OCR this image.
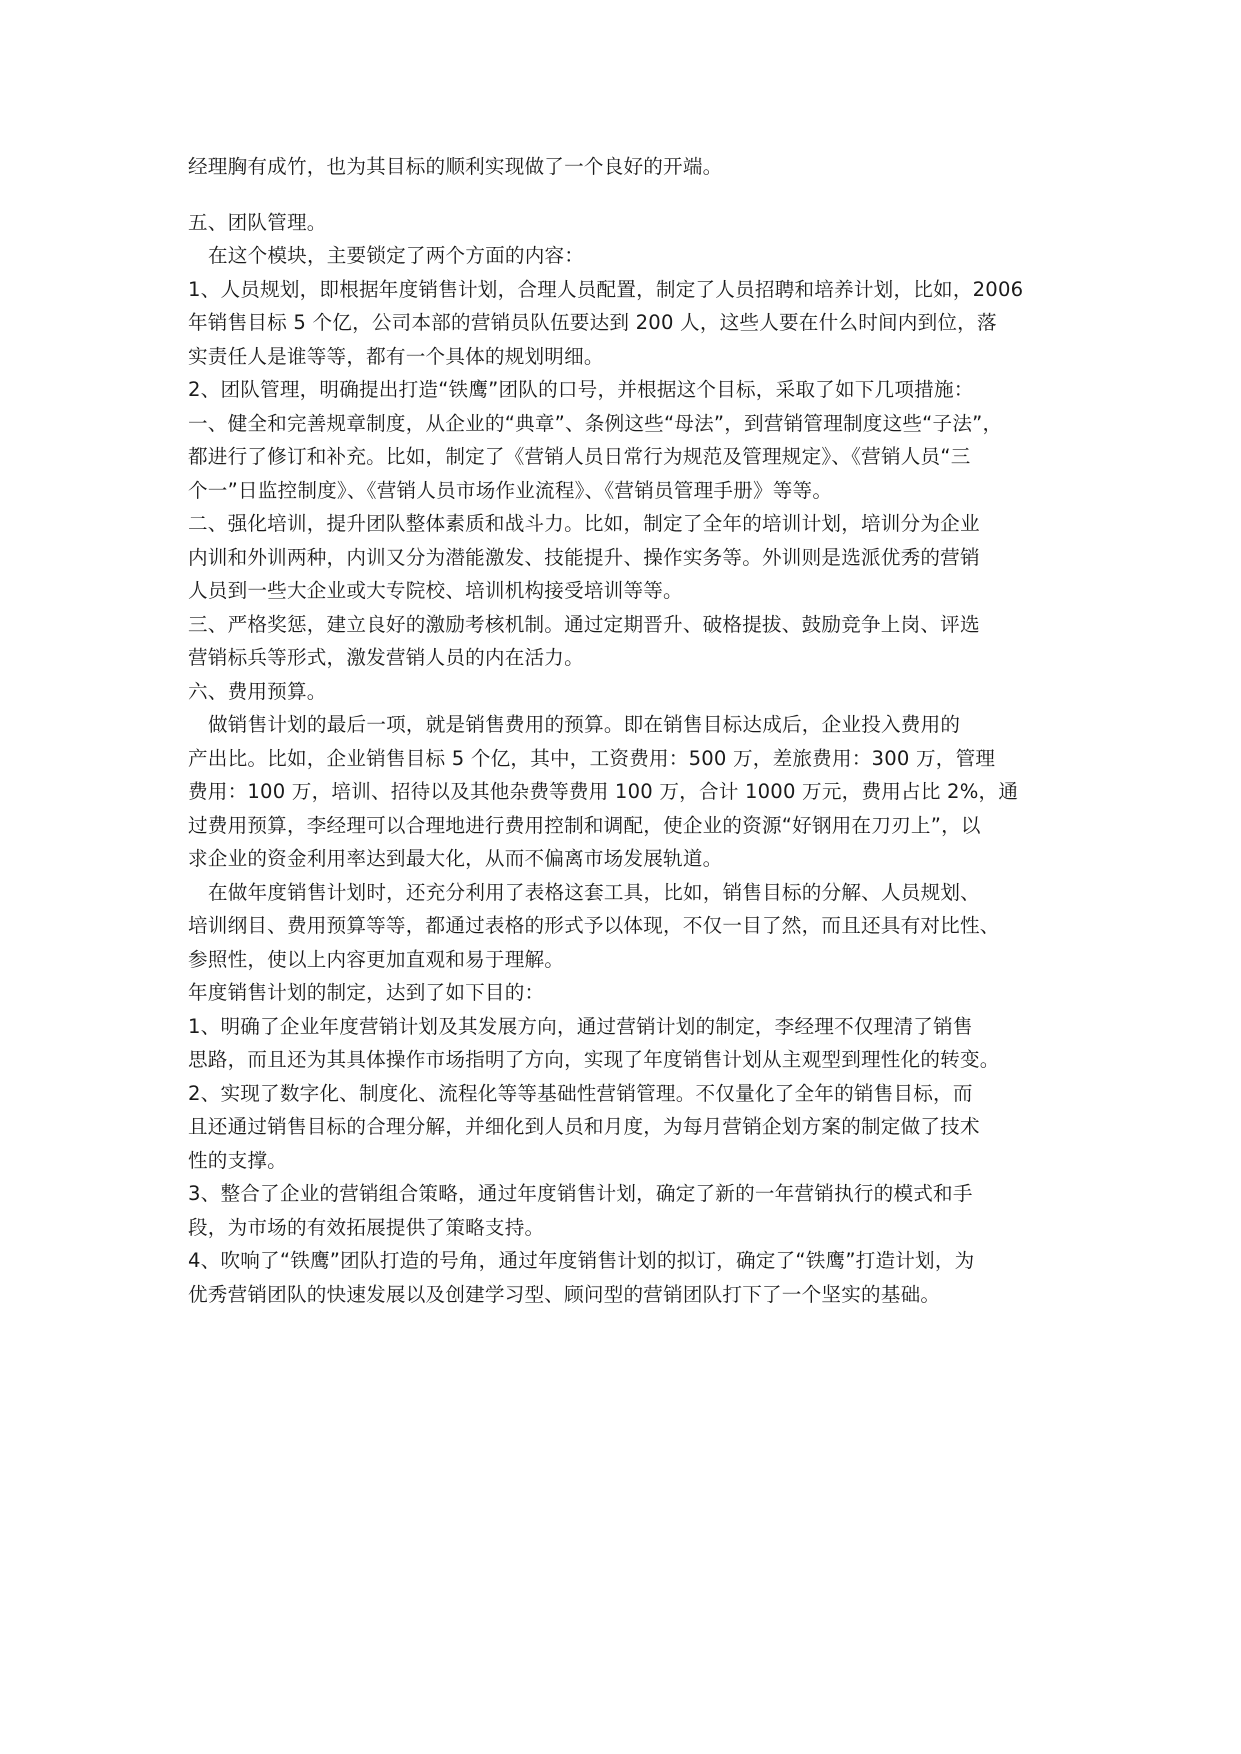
经理胸有成竹，也为其目标的顺利实现做了一个良好的开端。
五、团队管理。
在这个模块，主要锁定了两个方面的内容：
1、人员规划，即根据年度销售计划，合理人员配置，制定了人员招聘和培养计划，比如，2006
年销售目标 5 个亿，公司本部的营销员队伍要达到 200 人，这些人要在什么时间内到位，落
实责任人是谁等等，都有一个具体的规划明细。
2、团队管理，明确提出打造“铁鹰”团队的口号，并根据这个目标，采取了如下几项措施：
一、健全和完善规章制度，从企业的“典章”、条例这些“母法”，到营销管理制度这些“子法”，
都进行了修订和补充。比如，制定了《营销人员日常行为规范及管理规定》、《营销人员“三
个一”日监控制度》、《营销人员市场作业流程》、《营销员管理手册》等等。
二、强化培训，提升团队整体素质和战斗力。比如，制定了全年的培训计划，培训分为企业
内训和外训两种，内训又分为潜能激发、技能提升、操作实务等。外训则是选派优秀的营销
人员到一些大企业或大专院校、培训机构接受培训等等。
三、严格奖惩，建立良好的激励考核机制。通过定期晋升、破格提拔、鼓励竞争上岗、评选
营销标兵等形式，激发营销人员的内在活力。
六、费用预算。
做销售计划的最后一项，就是销售费用的预算。即在销售目标达成后，企业投入费用的
产出比。比如，企业销售目标 5 个亿，其中，工资费用：500 万，差旅费用：300 万，管理
费用：100 万，培训、招待以及其他杂费等费用 100 万，合计 1000 万元，费用占比 2%，通
过费用预算，李经理可以合理地进行费用控制和调配，使企业的资源“好钢用在刀刃上”，以
求企业的资金利用率达到最大化，从而不偏离市场发展轨道。
在做年度销售计划时，还充分利用了表格这套工具，比如，销售目标的分解、人员规划、
培训纲目、费用预算等等，都通过表格的形式予以体现，不仅一目了然，而且还具有对比性、
参照性，使以上内容更加直观和易于理解。
年度销售计划的制定，达到了如下目的：
1、明确了企业年度营销计划及其发展方向，通过营销计划的制定，李经理不仅理清了销售
思路，而且还为其具体操作市场指明了方向，实现了年度销售计划从主观型到理性化的转变。
2、实现了数字化、制度化、流程化等等基础性营销管理。不仅量化了全年的销售目标，而
且还通过销售目标的合理分解，并细化到人员和月度，为每月营销企划方案的制定做了技术
性的支撑。
3、整合了企业的营销组合策略，通过年度销售计划，确定了新的一年营销执行的模式和手
段，为市场的有效拓展提供了策略支持。
4、吹响了“铁鹰”团队打造的号角，通过年度销售计划的拟订，确定了“铁鹰”打造计划，为
优秀营销团队的快速发展以及创建学习型、顾问型的营销团队打下了一个坚实的基础。
